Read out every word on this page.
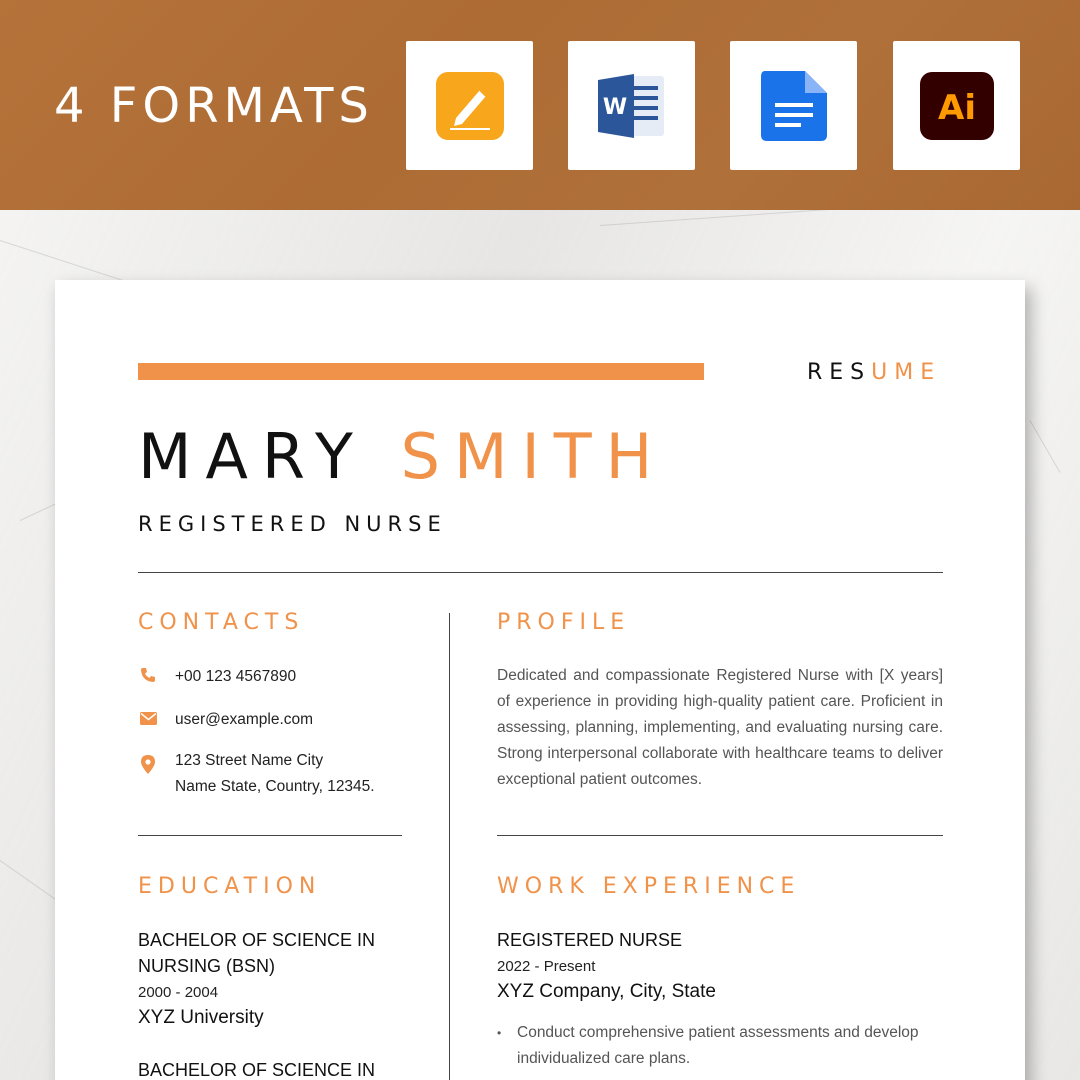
4 FORMATS	W	Ai
RESUME
MARY SMITH
REGISTERED NURSE
CONTACTS
+00 123 4567890
user@example.com
123 Street Name City
Name State, Country, 12345.
PROFILE
Dedicated and compassionate Registered Nurse with [X years] of experience in providing high-quality patient care. Proficient in assessing, planning, implementing, and evaluating nursing care. Strong interpersonal collaborate with healthcare teams to deliver exceptional patient outcomes.
EDUCATION
BACHELOR OF SCIENCE IN NURSING (BSN)
2000 - 2004
XYZ University
BACHELOR OF SCIENCE IN
WORK EXPERIENCE
REGISTERED NURSE
2022 - Present
XYZ Company, City, State
• Conduct comprehensive patient assessments and develop individualized care plans.
